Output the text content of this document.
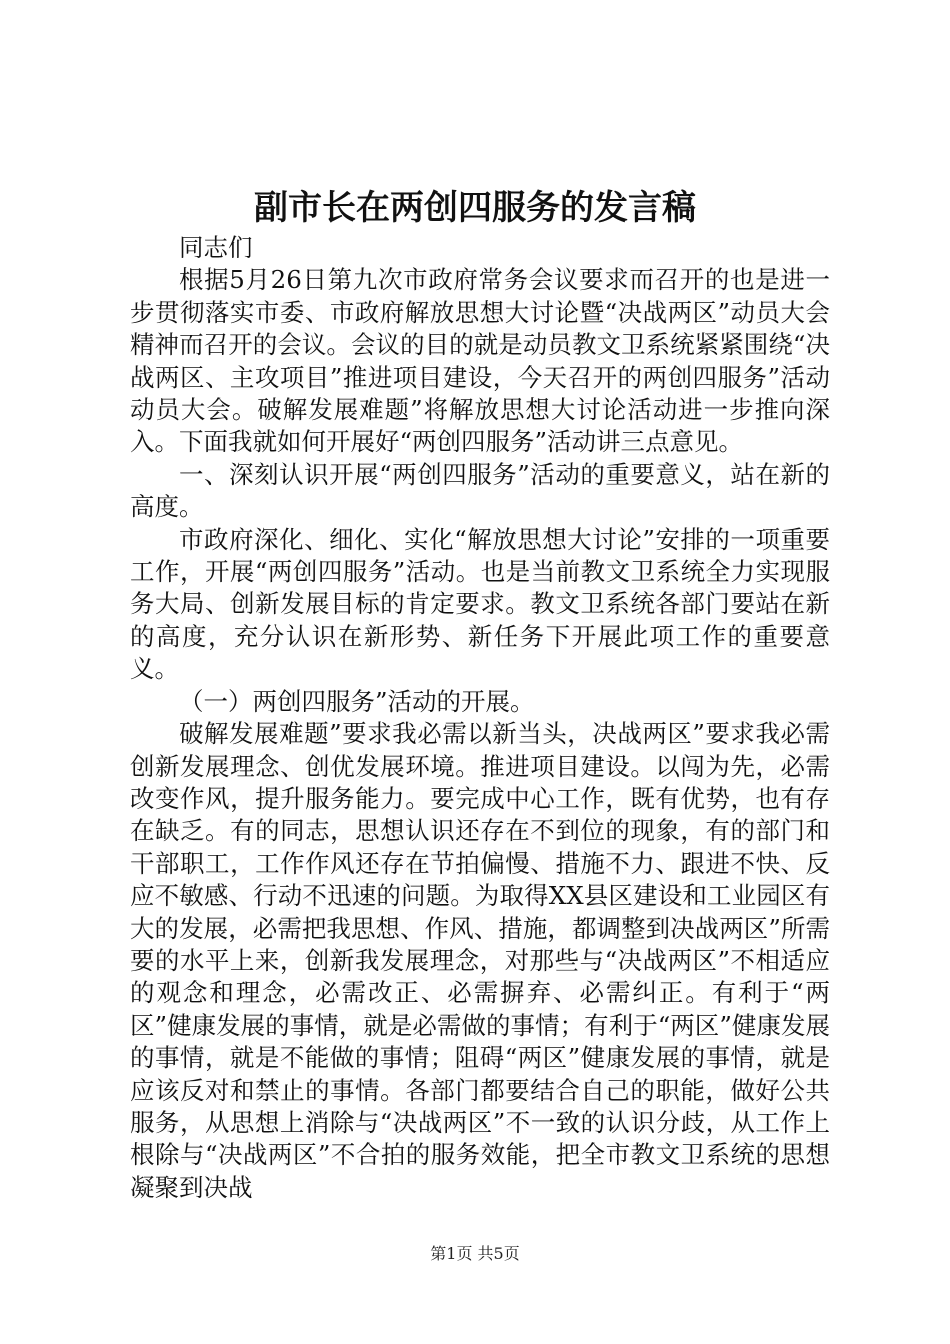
副市长在两创四服务的发言稿

同志们

根据5月26日第九次市政府常务会议要求而召开的也是进一步贯彻落实市委、市政府解放思想大讨论暨“决战两区”动员大会精神而召开的会议。会议的目的就是动员教文卫系统紧紧围绕“决战两区、主攻项目”推进项目建设，今天召开的两创四服务”活动动员大会。破解发展难题”将解放思想大讨论活动进一步推向深入。下面我就如何开展好“两创四服务”活动讲三点意见。

一、深刻认识开展“两创四服务”活动的重要意义，站在新的高度。

市政府深化、细化、实化“解放思想大讨论”安排的一项重要工作，开展“两创四服务”活动。也是当前教文卫系统全力实现服务大局、创新发展目标的肯定要求。教文卫系统各部门要站在新的高度，充分认识在新形势、新任务下开展此项工作的重要意义。

（一）两创四服务”活动的开展。

破解发展难题”要求我必需以新当头，决战两区”要求我必需创新发展理念、创优发展环境。推进项目建设。以闯为先，必需改变作风，提升服务能力。要完成中心工作，既有优势，也有存在缺乏。有的同志，思想认识还存在不到位的现象，有的部门和干部职工，工作作风还存在节拍偏慢、措施不力、跟进不快、反应不敏感、行动不迅速的问题。为取得XX县区建设和工业园区有大的发展，必需把我思想、作风、措施，都调整到决战两区”所需要的水平上来，创新我发展理念，对那些与“决战两区”不相适应的观念和理念，必需改正、必需摒弃、必需纠正。有利于“两区”健康发展的事情，就是必需做的事情；有利于“两区”健康发展的事情，就是不能做的事情；阻碍“两区”健康发展的事情，就是应该反对和禁止的事情。各部门都要结合自己的职能，做好公共服务，从思想上消除与“决战两区”不一致的认识分歧，从工作上根除与“决战两区”不合拍的服务效能，把全市教文卫系统的思想凝聚到决战

第1页 共5页
